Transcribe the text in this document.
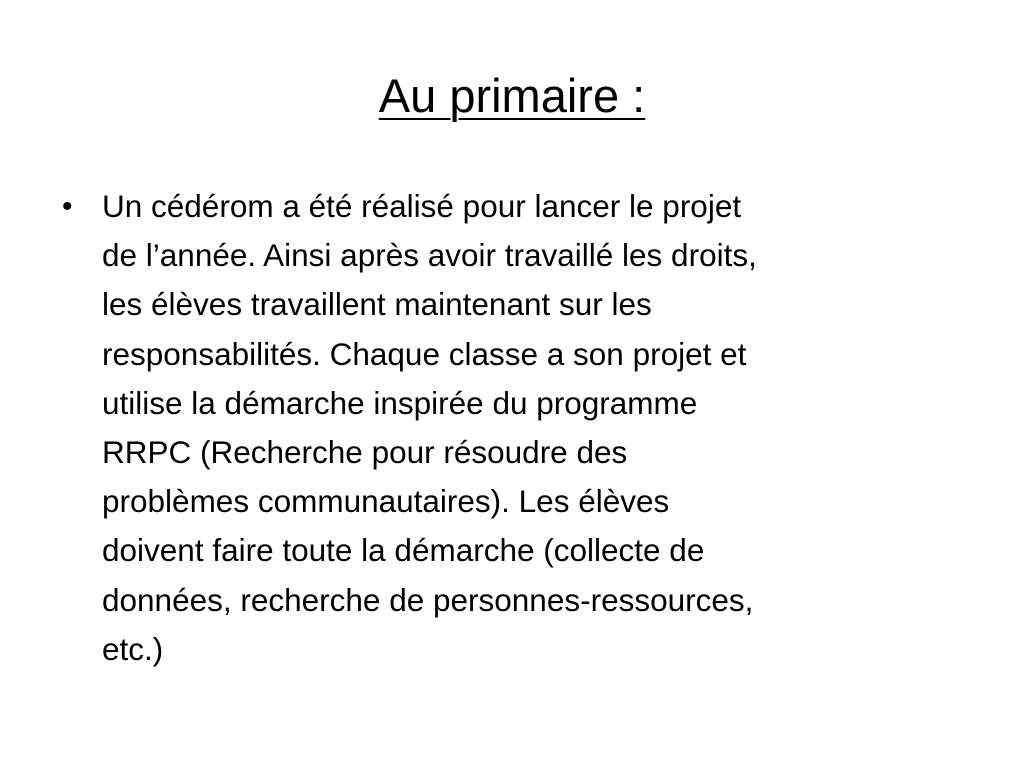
Au primaire :
• Un cédérom a été réalisé pour lancer le projet
de l’année. Ainsi après avoir travaillé les droits,
les élèves travaillent maintenant sur les
responsabilités. Chaque classe a son projet et
utilise la démarche inspirée du programme
RRPC (Recherche pour résoudre des
problèmes communautaires). Les élèves
doivent faire toute la démarche (collecte de
données, recherche de personnes-ressources,
etc.)
